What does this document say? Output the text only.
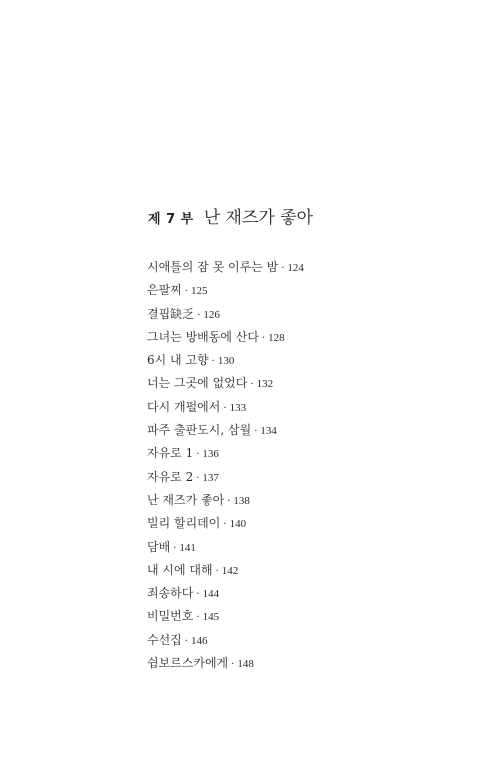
제 7 부 난 재즈가 좋아
시애틀의 잠 못 이루는 밤 · 124
은팔찌 · 125
결핍缺乏 · 126
그녀는 방배동에 산다 · 128
6시 내 고향 · 130
너는 그곳에 없었다 · 132
다시 개펄에서 · 133
파주 출판도시, 삼월 · 134
자유로 1 · 136
자유로 2 · 137
난 재즈가 좋아 · 138
빌리 할리데이 · 140
담배 · 141
내 시에 대해 · 142
죄송하다 · 144
비밀번호 · 145
수선집 · 146
쉼보르스카에게 · 148
